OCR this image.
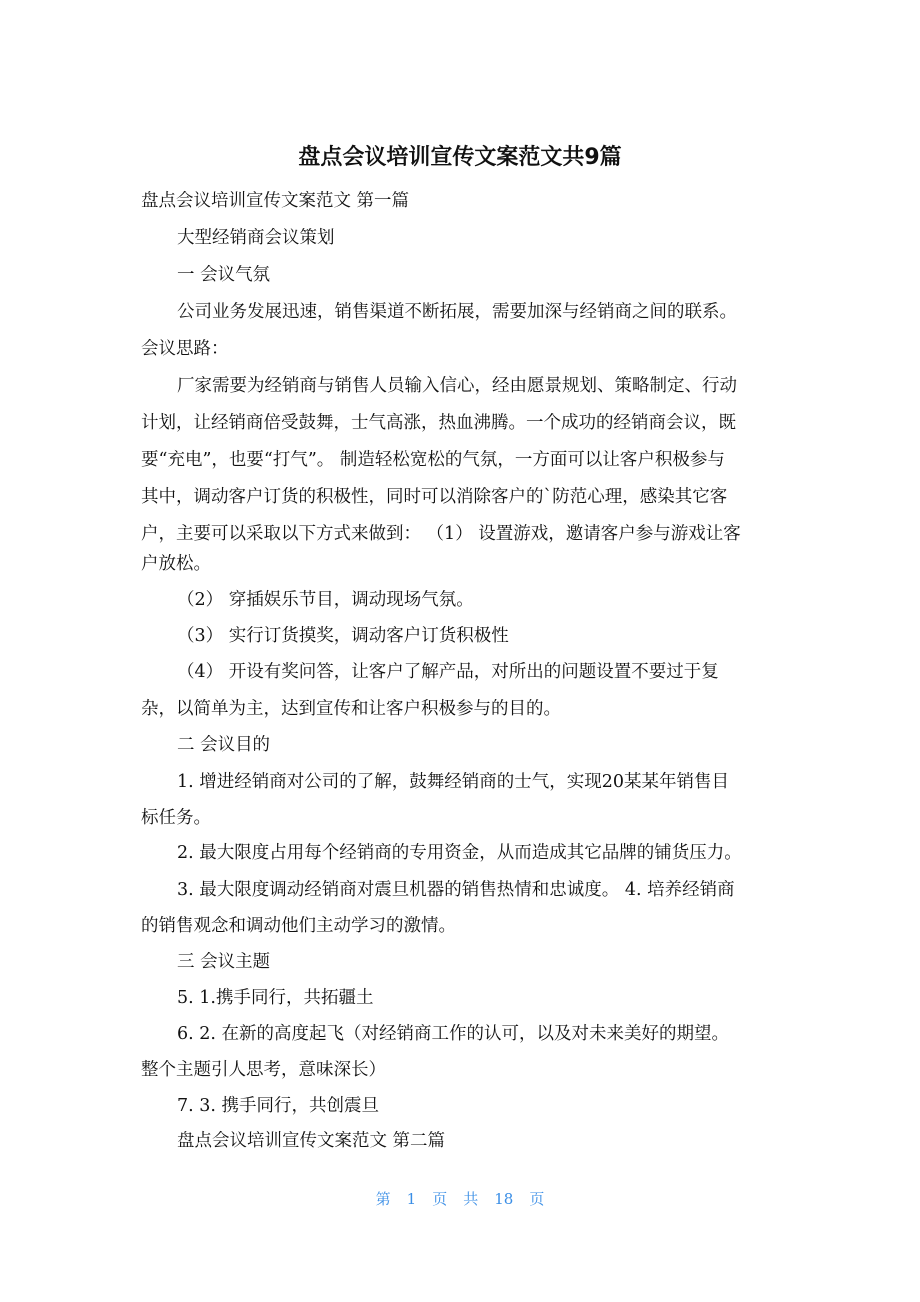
盘点会议培训宣传文案范文共9篇
盘点会议培训宣传文案范文 第一篇
大型经销商会议策划
一 会议气氛
公司业务发展迅速，销售渠道不断拓展，需要加深与经销商之间的联系。
会议思路：
厂家需要为经销商与销售人员输入信心，经由愿景规划、策略制定、行动
计划，让经销商倍受鼓舞，士气高涨，热血沸腾。一个成功的经销商会议，既
要“充电”，也要“打气”。 制造轻松宽松的气氛，一方面可以让客户积极参与
其中，调动客户订货的积极性，同时可以消除客户的`防范心理，感染其它客
户，主要可以采取以下方式来做到： （1） 设置游戏，邀请客户参与游戏让客
户放松。
（2） 穿插娱乐节目，调动现场气氛。
（3） 实行订货摸奖，调动客户订货积极性
（4） 开设有奖问答，让客户了解产品，对所出的问题设置不要过于复
杂，以简单为主，达到宣传和让客户积极参与的目的。
二 会议目的
1. 增进经销商对公司的了解，鼓舞经销商的士气，实现20某某年销售目
标任务。
2. 最大限度占用每个经销商的专用资金，从而造成其它品牌的铺货压力。
3. 最大限度调动经销商对震旦机器的销售热情和忠诚度。 4. 培养经销商
的销售观念和调动他们主动学习的激情。
三 会议主题
5. 1.携手同行，共拓疆土
6. 2. 在新的高度起飞（对经销商工作的认可，以及对未来美好的期望。
整个主题引人思考，意味深长）
7. 3. 携手同行，共创震旦
盘点会议培训宣传文案范文 第二篇
第 1 页 共 18 页
